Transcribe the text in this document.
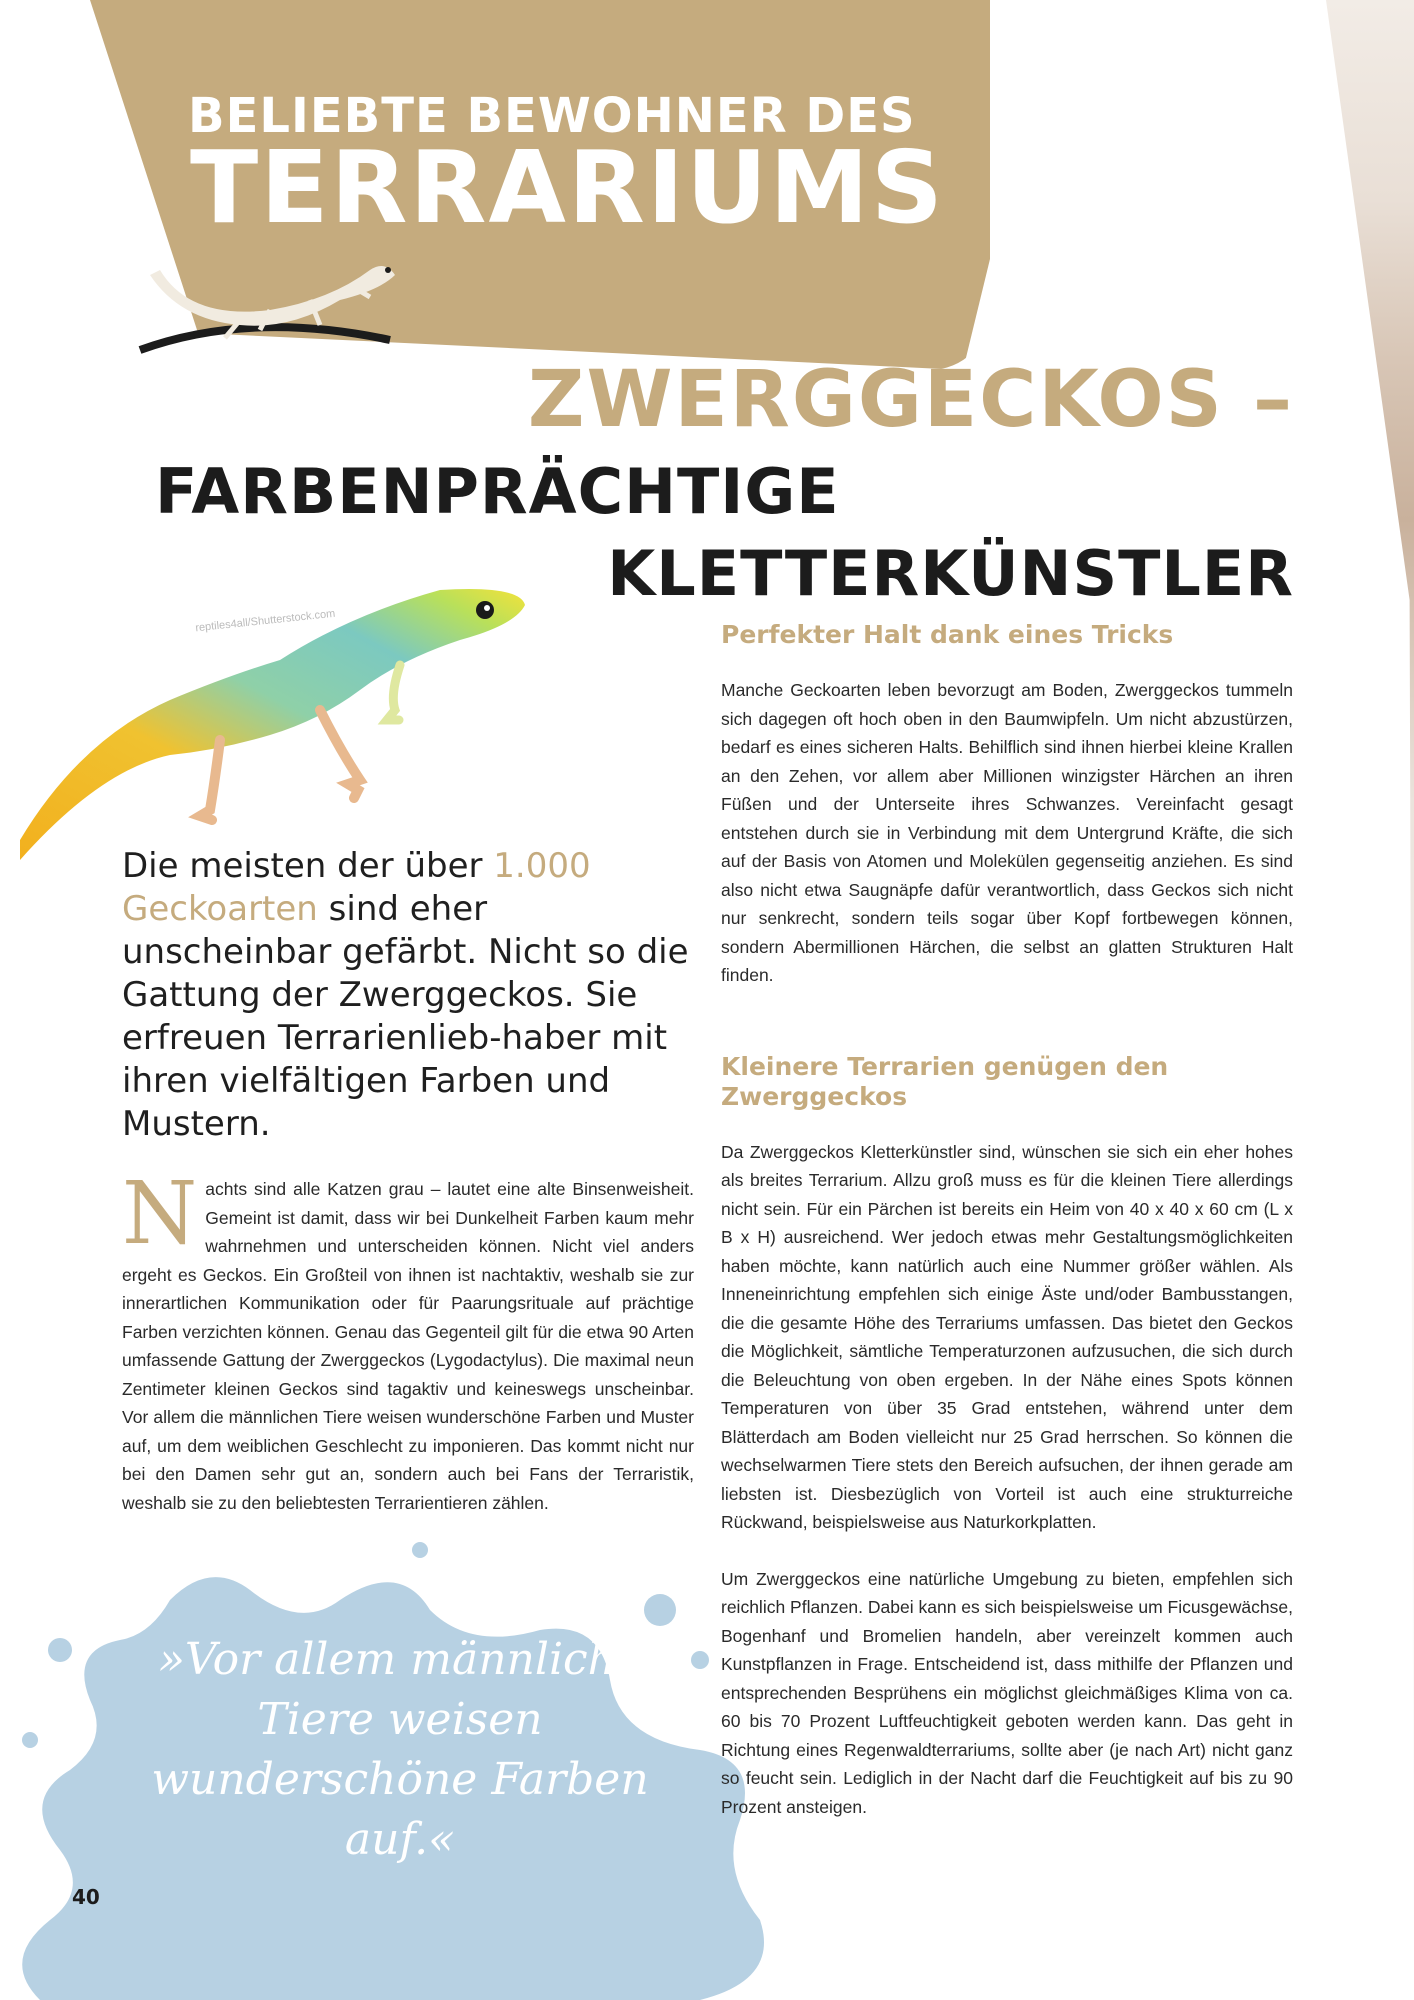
BELIEBTE BEWOHNER DES
TERRARIUMS
ZWERGGECKOS –
FARBENPRÄCHTIGE
KLETTERKÜNSTLER
reptiles4all/Shutterstock.com
Die meisten der über 1.000 Geckoarten sind eher unscheinbar gefärbt. Nicht so die Gattung der Zwerggeckos. Sie erfreuen Terrarienlieb-haber mit ihren vielfältigen Farben und Mustern.
Nachts sind alle Katzen grau – lautet eine alte Binsenweisheit. Gemeint ist damit, dass wir bei Dunkelheit Farben kaum mehr wahrnehmen und unterscheiden können. Nicht viel anders ergeht es Geckos. Ein Großteil von ihnen ist nachtaktiv, weshalb sie zur innerartlichen Kommunikation oder für Paarungsrituale auf prächtige Farben verzichten können. Genau das Gegenteil gilt für die etwa 90 Arten umfassende Gattung der Zwerggeckos (Lygodactylus). Die maximal neun Zentimeter kleinen Geckos sind tagaktiv und keineswegs unscheinbar. Vor allem die männlichen Tiere weisen wunderschöne Farben und Muster auf, um dem weiblichen Geschlecht zu imponieren. Das kommt nicht nur bei den Damen sehr gut an, sondern auch bei Fans der Terraristik, weshalb sie zu den beliebtesten Terrarientieren zählen.
»Vor allem männliche Tiere weisen wunderschöne Farben auf.«
40
Perfekter Halt dank eines Tricks

Manche Geckoarten leben bevorzugt am Boden, Zwerggeckos tummeln sich dagegen oft hoch oben in den Baumwipfeln. Um nicht abzustürzen, bedarf es eines sicheren Halts. Behilflich sind ihnen hierbei kleine Krallen an den Zehen, vor allem aber Millionen winzigster Härchen an ihren Füßen und der Unterseite ihres Schwanzes. Vereinfacht gesagt entstehen durch sie in Verbindung mit dem Untergrund Kräfte, die sich auf der Basis von Atomen und Molekülen gegenseitig anziehen. Es sind also nicht etwa Saugnäpfe dafür verantwortlich, dass Geckos sich nicht nur senkrecht, sondern teils sogar über Kopf fortbewegen können, sondern Abermillionen Härchen, die selbst an glatten Strukturen Halt finden.

Kleinere Terrarien genügen den Zwerggeckos

Da Zwerggeckos Kletterkünstler sind, wünschen sie sich ein eher hohes als breites Terrarium. Allzu groß muss es für die kleinen Tiere allerdings nicht sein. Für ein Pärchen ist bereits ein Heim von 40 x 40 x 60 cm (L x B x H) ausreichend. Wer jedoch etwas mehr Gestaltungsmöglichkeiten haben möchte, kann natürlich auch eine Nummer größer wählen. Als Inneneinrichtung empfehlen sich einige Äste und/oder Bambusstangen, die die gesamte Höhe des Terrariums umfassen. Das bietet den Geckos die Möglichkeit, sämtliche Temperaturzonen aufzusuchen, die sich durch die Beleuchtung von oben ergeben. In der Nähe eines Spots können Temperaturen von über 35 Grad entstehen, während unter dem Blätterdach am Boden vielleicht nur 25 Grad herrschen. So können die wechselwarmen Tiere stets den Bereich aufsuchen, der ihnen gerade am liebsten ist. Diesbezüglich von Vorteil ist auch eine strukturreiche Rückwand, beispielsweise aus Naturkorkplatten.

Um Zwerggeckos eine natürliche Umgebung zu bieten, empfehlen sich reichlich Pflanzen. Dabei kann es sich beispielsweise um Ficusgewächse, Bogenhanf und Bromelien handeln, aber vereinzelt kommen auch Kunstpflanzen in Frage. Entscheidend ist, dass mithilfe der Pflanzen und entsprechenden Besprühens ein möglichst gleichmäßiges Klima von ca. 60 bis 70 Prozent Luftfeuchtigkeit geboten werden kann. Das geht in Richtung eines Regenwaldterrariums, sollte aber (je nach Art) nicht ganz so feucht sein. Lediglich in der Nacht darf die Feuchtigkeit auf bis zu 90 Prozent ansteigen.
